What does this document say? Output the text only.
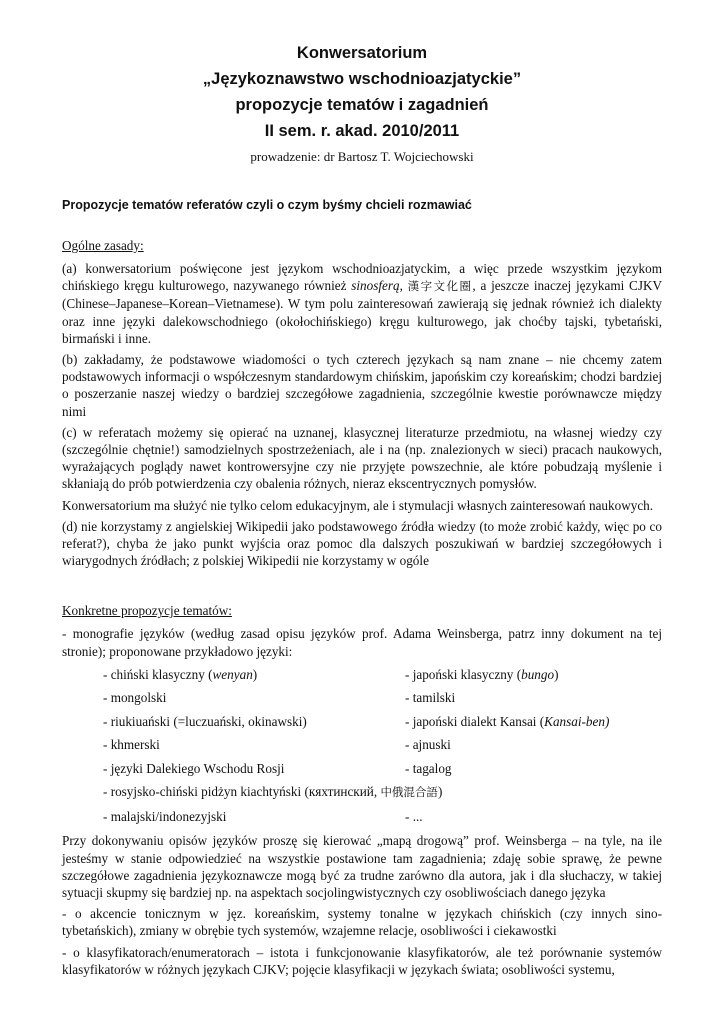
Konwersatorium
„Językoznawstwo wschodnioazjatyckie”
propozycje tematów i zagadnień
II sem. r. akad. 2010/2011
prowadzenie: dr Bartosz T. Wojciechowski
Propozycje tematów referatów czyli o czym byśmy chcieli rozmawiać
Ogólne zasady:

(a) konwersatorium poświęcone jest językom wschodnioazjatyckim, a więc przede wszystkim językom chińskiego kręgu kulturowego, nazywanego również sinosferą, 漢字文化圈, a jeszcze inaczej językami CJKV (Chinese–Japanese–Korean–Vietnamese). W tym polu zainteresowań zawierają się jednak również ich dialekty oraz inne języki dalekowschodniego (okołochińskiego) kręgu kulturowego, jak choćby tajski, tybetański, birmański i inne.

(b) zakładamy, że podstawowe wiadomości o tych czterech językach są nam znane – nie chcemy zatem podstawowych informacji o współczesnym standardowym chińskim, japońskim czy koreańskim; chodzi bardziej o poszerzanie naszej wiedzy o bardziej szczegółowe zagadnienia, szczególnie kwestie porównawcze między nimi

(c) w referatach możemy się opierać na uznanej, klasycznej literaturze przedmiotu, na własnej wiedzy czy (szczególnie chętnie!) samodzielnych spostrzeżeniach, ale i na (np. znalezionych w sieci) pracach naukowych, wyrażających poglądy nawet kontrowersyjne czy nie przyjęte powszechnie, ale które pobudzają myślenie i skłaniają do prób potwierdzenia czy obalenia różnych, nieraz ekscentrycznych pomysłów.

Konwersatorium ma służyć nie tylko celom edukacyjnym, ale i stymulacji własnych zainteresowań naukowych.

(d) nie korzystamy z angielskiej Wikipedii jako podstawowego źródła wiedzy (to może zrobić każdy, więc po co referat?), chyba że jako punkt wyjścia oraz pomoc dla dalszych poszukiwań w bardziej szczegółowych i wiarygodnych źródłach; z polskiej Wikipedii nie korzystamy w ogóle

Konkretne propozycje tematów:

- monografie języków (według zasad opisu języków prof. Adama Weinsberga, patrz inny dokument na tej stronie); proponowane przykładowo języki:

- chiński klasyczny (wenyan)	- japoński klasyczny (bungo)
- mongolski	- tamilski
- riukiuański (=luczuański, okinawski)	- japoński dialekt Kansai (Kansai-ben)
- khmerski	- ajnuski
- języki Dalekiego Wschodu Rosji	- tagalog
- rosyjsko-chiński pidżyn kiachtyński (кяхтинский, 中俄混合語)
- malajski/indonezyjski	- ...

Przy dokonywaniu opisów języków proszę się kierować „mapą drogową” prof. Weinsberga – na tyle, na ile jesteśmy w stanie odpowiedzieć na wszystkie postawione tam zagadnienia; zdaję sobie sprawę, że pewne szczegółowe zagadnienia językoznawcze mogą być za trudne zarówno dla autora, jak i dla słuchaczy, w takiej sytuacji skupmy się bardziej np. na aspektach socjolingwistycznych czy osobliwościach danego języka

- o akcencie tonicznym w jęz. koreańskim, systemy tonalne w językach chińskich (czy innych sino-tybetańskich), zmiany w obrębie tych systemów, wzajemne relacje, osobliwości i ciekawostki

- o klasyfikatorach/enumeratorach – istota i funkcjonowanie klasyfikatorów, ale też porównanie systemów klasyfikatorów w różnych językach CJKV; pojęcie klasyfikacji w językach świata; osobliwości systemu,
